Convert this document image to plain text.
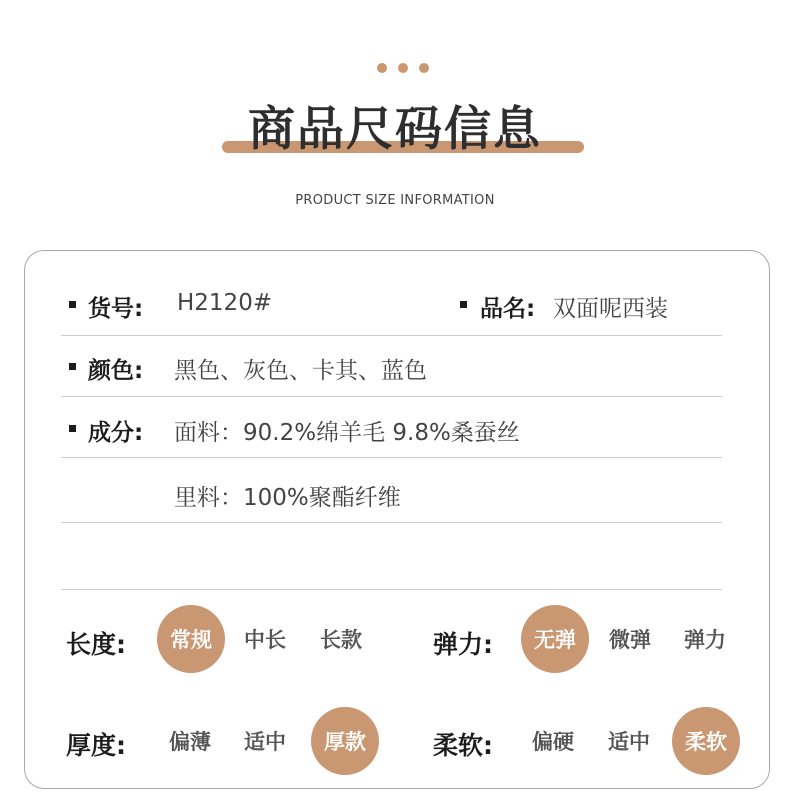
商品尺码信息
PRODUCT SIZE INFORMATION
货号: H2120#	品名: 双面呢西装
颜色: 黑色、灰色、卡其、蓝色
成分: 面料：90.2%绵羊毛 9.8%桑蚕丝
里料：100%聚酯纤维
长度:	常规	中长	长款	弹力:	无弹	微弹	弹力
厚度:	偏薄	适中	厚款	柔软:	偏硬	适中	柔软
